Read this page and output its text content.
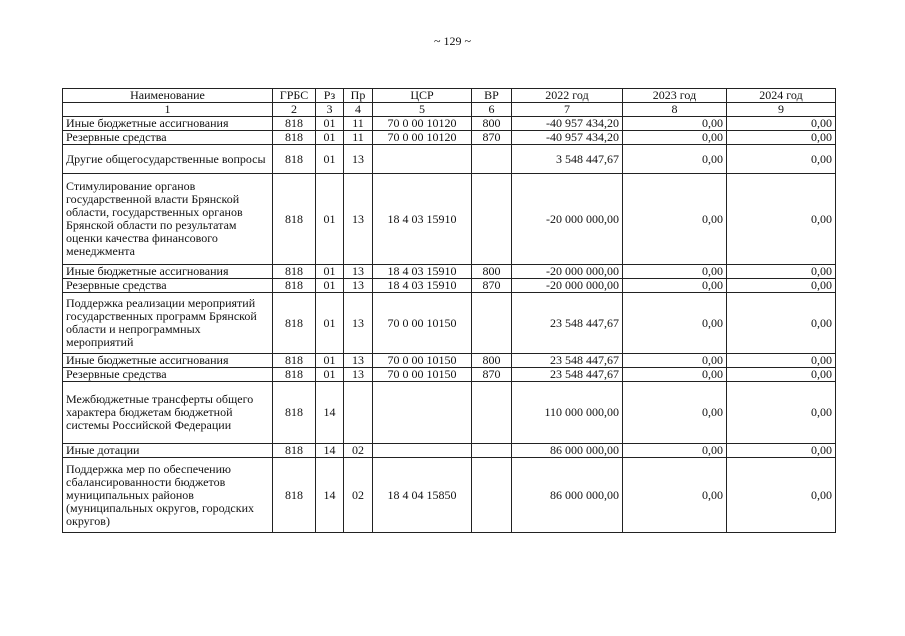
~ 129 ~
Наименование	ГРБС	Рз	Пр	ЦСР	ВР	2022 год	2023 год	2024 год
1	2	3	4	5	6	7	8	9
Иные бюджетные ассигнования	818	01	11	70 0 00 10120	800	-40 957 434,20	0,00	0,00
Резервные средства	818	01	11	70 0 00 10120	870	-40 957 434,20	0,00	0,00
Другие общегосударственные вопросы	818	01	13			3 548 447,67	0,00	0,00
Стимулирование органов государственной власти Брянской области, государственных органов Брянской области по результатам оценки качества финансового менеджмента	818	01	13	18 4 03 15910		-20 000 000,00	0,00	0,00
Иные бюджетные ассигнования	818	01	13	18 4 03 15910	800	-20 000 000,00	0,00	0,00
Резервные средства	818	01	13	18 4 03 15910	870	-20 000 000,00	0,00	0,00
Поддержка реализации мероприятий государственных программ Брянской области и непрограммных мероприятий	818	01	13	70 0 00 10150		23 548 447,67	0,00	0,00
Иные бюджетные ассигнования	818	01	13	70 0 00 10150	800	23 548 447,67	0,00	0,00
Резервные средства	818	01	13	70 0 00 10150	870	23 548 447,67	0,00	0,00
Межбюджетные трансферты общего характера бюджетам бюджетной системы Российской Федерации	818	14				110 000 000,00	0,00	0,00
Иные дотации	818	14	02			86 000 000,00	0,00	0,00
Поддержка мер по обеспечению сбалансированности бюджетов муниципальных районов (муниципальных округов, городских округов)	818	14	02	18 4 04 15850		86 000 000,00	0,00	0,00
